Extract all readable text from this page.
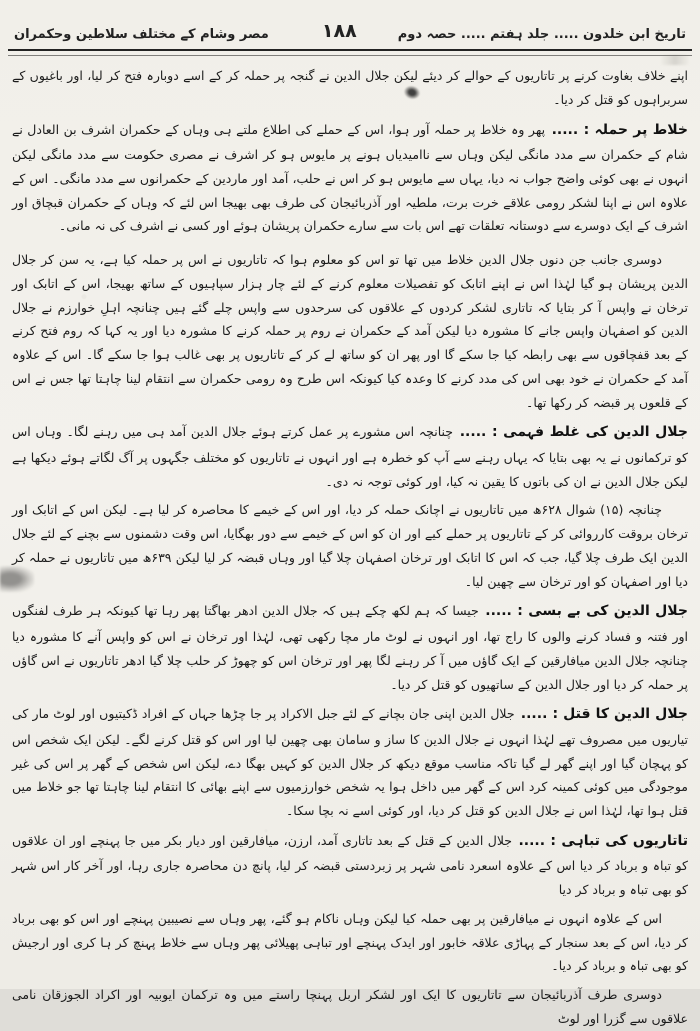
تاریخ ابن خلدون ..... جلد ہفتم ..... حصہ دوم
۱۸۸
مصر وشام کے مختلف سلاطین وحکمران

اپنے خلاف بغاوت کرنے پر تاتاریوں کے حوالے کر دیئے لیکن جلال الدین نے گنجہ پر حملہ کر کے اسے دوبارہ فتح کر لیا، اور باغیوں کے سربراہوں کو قتل کر دیا۔

خلاط پر حملہ : ..... پھر وہ خلاط پر حملہ آور ہوا، اس کے حملے کی اطلاع ملتے ہی وہاں کے حکمران اشرف بن العادل نے شام کے حکمران سے مدد مانگی لیکن وہاں سے ناامیدیاں ہونے پر مایوس ہو کر اشرف نے مصری حکومت سے مدد مانگی لیکن انہوں نے بھی کوئی واضح جواب نہ دیا، یہاں سے مایوس ہو کر اس نے حلب، آمد اور ماردین کے حکمرانوں سے مدد مانگی۔ اس کے علاوہ اس نے اپنا لشکر رومی علاقے خرت برت، ملطیہ اور آذربائیجان کی طرف بھی بھیجا اس لئے کہ وہاں کے حکمران قبچاق اور اشرف کے ایک دوسرے سے دوستانہ تعلقات تھے اس بات سے سارے حکمران پریشان ہوئے اور کسی نے اشرف کی نہ مانی۔

دوسری جانب جن دنوں جلال الدین خلاط میں تھا تو اس کو معلوم ہوا کہ تاتاریوں نے اس پر حملہ کیا ہے، یہ سن کر جلال الدین پریشان ہو گیا لہٰذا اس نے اپنے اتابک کو تفصیلات معلوم کرنے کے لئے چار ہزار سپاہیوں کے ساتھ بھیجا، اس کے اتابک اور ترخان نے واپس آ کر بتایا کہ تاتاری لشکر کردوں کے علاقوں کی سرحدوں سے واپس چلے گئے ہیں چنانچہ اہلِ خوارزم نے جلال الدین کو اصفہان واپس جانے کا مشورہ دیا لیکن آمد کے حکمران نے روم پر حملہ کرنے کا مشورہ دیا اور یہ کہا کہ روم فتح کرنے کے بعد قفچاقوں سے بھی رابطہ کیا جا سکے گا اور پھر ان کو ساتھ لے کر کے تاتاریوں پر بھی غالب ہوا جا سکے گا۔ اس کے علاوہ آمد کے حکمران نے خود بھی اس کی مدد کرنے کا وعدہ کیا کیونکہ اس طرح وہ رومی حکمران سے انتقام لینا چاہتا تھا جس نے اس کے قلعوں پر قبضہ کر رکھا تھا۔

جلال الدین کی غلط فہمی : ..... چنانچہ اس مشورے پر عمل کرتے ہوئے جلال الدین آمد ہی میں رہنے لگا۔ وہاں اس کو ترکمانوں نے یہ بھی بتایا کہ یہاں رہنے سے آپ کو خطرہ ہے اور انہوں نے تاتاریوں کو مختلف جگہوں پر آگ لگاتے ہوئے دیکھا ہے لیکن جلال الدین نے ان کی باتوں کا یقین نہ کیا، اور کوئی توجہ نہ دی۔

چنانچہ (۱۵) شوال ۶۲۸ھ میں تاتاریوں نے اچانک حملہ کر دیا، اور اس کے خیمے کا محاصرہ کر لیا ہے۔ لیکن اس کے اتابک اور ترخان بروقت کارروائی کر کے تاتاریوں پر حملے کیے اور ان کو اس کے خیمے سے دور بھگایا، اس وقت دشمنوں سے بچنے کے لئے جلال الدین ایک طرف چلا گیا، جب کہ اس کا اتابک اور ترخان اصفہان چلا گیا اور وہاں قبضہ کر لیا لیکن ۶۳۹ھ میں تاتاریوں نے حملہ کر دیا اور اصفہان کو اور ترخان سے چھین لیا۔

جلال الدین کی بے بسی : ..... جیسا کہ ہم لکھ چکے ہیں کہ جلال الدین ادھر بھاگتا پھر رہا تھا کیونکہ ہر طرف لفنگوں اور فتنہ و فساد کرنے والوں کا راج تھا، اور انہوں نے لوٹ مار مچا رکھی تھی، لہٰذا اور ترخان نے اس کو واپس آنے کا مشورہ دیا چنانچہ جلال الدین میافارقین کے ایک گاؤں میں آ کر رہنے لگا پھر اور ترخان اس کو چھوڑ کر حلب چلا گیا ادھر تاتاریوں نے اس گاؤں پر حملہ کر دیا اور جلال الدین کے ساتھیوں کو قتل کر دیا۔

جلال الدین کا قتل : ..... جلال الدین اپنی جان بچانے کے لئے جبل الاکراد پر جا چڑھا جہاں کے افراد ڈکیتیوں اور لوٹ مار کی تیاریوں میں مصروف تھے لہٰذا انہوں نے جلال الدین کا ساز و سامان بھی چھین لیا اور اس کو قتل کرنے لگے۔ لیکن ایک شخص اس کو پہچان گیا اور اپنے گھر لے گیا تاکہ مناسب موقع دیکھ کر جلال الدین کو کہیں بھگا دے، لیکن اس شخص کے گھر پر اس کی غیر موجودگی میں کوئی کمینہ کرد اس کے گھر میں داخل ہوا یہ شخص خوارزمیوں سے اپنے بھائی کا انتقام لینا چاہتا تھا جو خلاط میں قتل ہوا تھا، لہٰذا اس نے جلال الدین کو قتل کر دیا، اور کوئی اسے نہ بچا سکا۔

تاتاریوں کی تباہی : ..... جلال الدین کے قتل کے بعد تاتاری آمد، ارزن، میافارقین اور دیار بکر میں جا پہنچے اور ان علاقوں کو تباہ و برباد کر دیا اس کے علاوہ اسعرد نامی شہر پر زبردستی قبضہ کر لیا، پانچ دن محاصرہ جاری رہا، اور آخر کار اس شہر کو بھی تباہ و برباد کر دیا

اس کے علاوہ انہوں نے میافارقین پر بھی حملہ کیا لیکن وہاں ناکام ہو گئے، پھر وہاں سے نصیبین پہنچے اور اس کو بھی برباد کر دیا، اس کے بعد سنجار کے پہاڑی علاقہ خابور اور ایدک پہنچے اور تباہی پھیلائی پھر وہاں سے خلاط پہنچ کر ہا کری اور ارجیش کو بھی تباہ و برباد کر دیا۔

دوسری طرف آذربائیجان سے تاتاریوں کا ایک اور لشکر اربل پہنچا راستے میں وہ ترکمان ایوبیہ اور اکراد الجوزقان نامی علاقوں سے گزرا اور لوٹ
